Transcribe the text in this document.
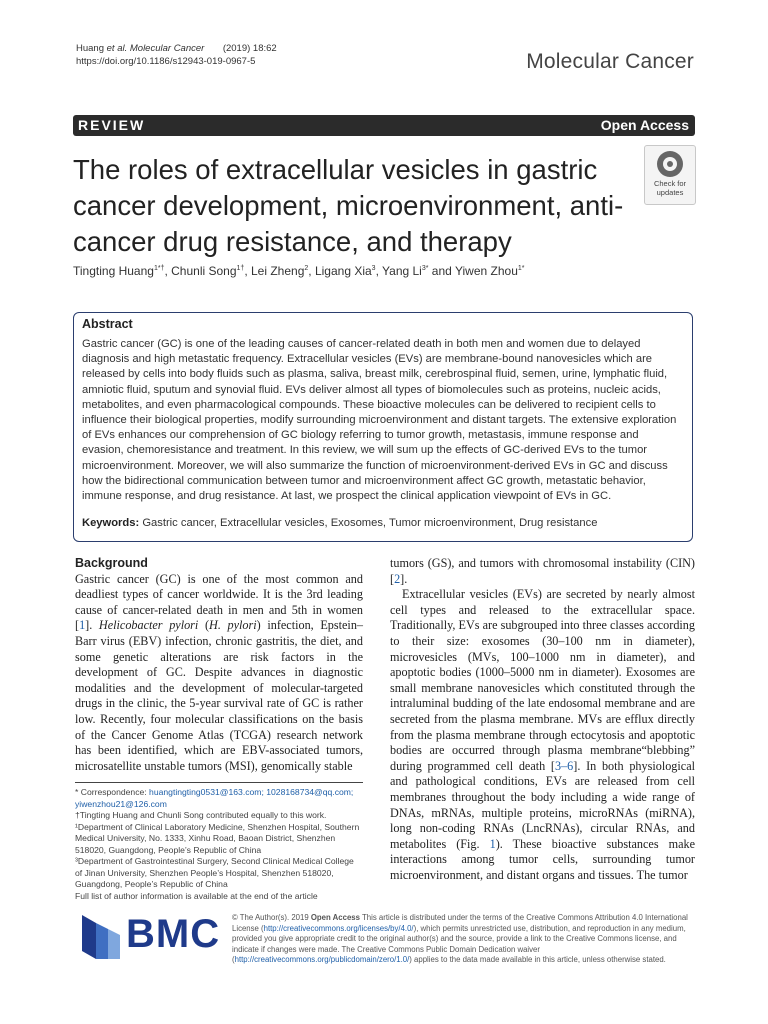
Huang et al. Molecular Cancer (2019) 18:62
https://doi.org/10.1186/s12943-019-0967-5	Molecular Cancer
REVIEW	Open Access
Check for
updates
The roles of extracellular vesicles in gastric cancer development, microenvironment, anti-cancer drug resistance, and therapy
Tingting Huang$^{1*\dagger}$, Chunli Song$^{1\dagger}$, Lei Zheng$^2$, Ligang Xia$^3$, Yang $Li^{3*}$ and Yiwen Zhou$^{1*}$
Abstract
Gastric cancer (GC) is one of the leading causes of cancer-related death in both men and women due to delayed diagnosis and high metastatic frequency. Extracellular vesicles (EVs) are membrane-bound nanovesicles which are released by cells into body fluids such as plasma, saliva, breast milk, cerebrospinal fluid, semen, urine, lymphatic fluid, amniotic fluid, sputum and synovial fluid. EVs deliver almost all types of biomolecules such as proteins, nucleic acids, metabolites, and even pharmacological compounds. These bioactive molecules can be delivered to recipient cells to influence their biological properties, modify surrounding microenvironment and distant targets. The extensive exploration of EVs enhances our comprehension of GC biology referring to tumor growth, metastasis, immune response and evasion, chemoresistance and treatment. In this review, we will sum up the effects of GC-derived EVs to the tumor microenvironment. Moreover, we will also summarize the function of microenvironment-derived EVs in GC and discuss how the bidirectional communication between tumor and microenvironment affect GC growth, metastatic behavior, immune response, and drug resistance. At last, we prospect the clinical application viewpoint of EVs in GC.
Keywords: Gastric cancer, Extracellular vesicles, Exosomes, Tumor microenvironment, Drug resistance
Background

Gastric cancer (GC) is one of the most common and deadliest types of cancer worldwide. It is the 3rd leading cause of cancer-related death in men and 5th in women [1]. Helicobacter pylori (H. pylori) infection, Epstein–Barr virus (EBV) infection, chronic gastritis, the diet, and some genetic alterations are risk factors in the development of GC. Despite advances in diagnostic modalities and the development of molecular-targeted drugs in the clinic, the 5-year survival rate of GC is rather low. Recently, four molecular classifications on the basis of the Cancer Genome Atlas (TCGA) research network has been identified, which are EBV-associated tumors, microsatellite unstable tumors (MSI), genomically stable

* Correspondence: huangtingting0531@163.com; 1028168734@qq.com; yiwenzhou21@126.com

†Tingting Huang and Chunli Song contributed equally to this work.

¹Department of Clinical Laboratory Medicine, Shenzhen Hospital, Southern Medical University, No. 1333, Xinhu Road, Baoan District, Shenzhen 518020, Guangdong, People’s Republic of China

³Department of Gastrointestinal Surgery, Second Clinical Medical College of Jinan University, Shenzhen People’s Hospital, Shenzhen 518020, Guangdong, People’s Republic of China

Full list of author information is available at the end of the article

tumors (GS), and tumors with chromosomal instability (CIN) [2].

Extracellular vesicles (EVs) are secreted by nearly almost cell types and released to the extracellular space. Traditionally, EVs are subgrouped into three classes according to their size: exosomes (30–100 nm in diameter), microvesicles (MVs, 100–1000 nm in diameter), and apoptotic bodies (1000–5000 nm in diameter). Exosomes are small membrane nanovesicles which constituted through the intraluminal budding of the late endosomal membrane and are secreted from the plasma membrane. MVs are efflux directly from the plasma membrane through ectocytosis and apoptotic bodies are occurred through plasma membrane“blebbing” during programmed cell death [3–6]. In both physiological and pathological conditions, EVs are released from cell membranes throughout the body including a wide range of DNAs, mRNAs, multiple proteins, microRNAs (miRNA), long non-coding RNAs (LncRNAs), circular RNAs, and metabolites (Fig. 1). These bioactive substances make interactions among tumor cells, surrounding tumor microenvironment, and distant organs and tissues. The tumor

BMC © The Author(s). 2019 Open Access This article is distributed under the terms of the Creative Commons Attribution 4.0 International License (http://creativecommons.org/licenses/by/4.0/), which permits unrestricted use, distribution, and reproduction in any medium, provided you give appropriate credit to the original author(s) and the source, provide a link to the Creative Commons license, and indicate if changes were made. The Creative Commons Public Domain Dedication waiver (http://creativecommons.org/publicdomain/zero/1.0/) applies to the data made available in this article, unless otherwise stated.
